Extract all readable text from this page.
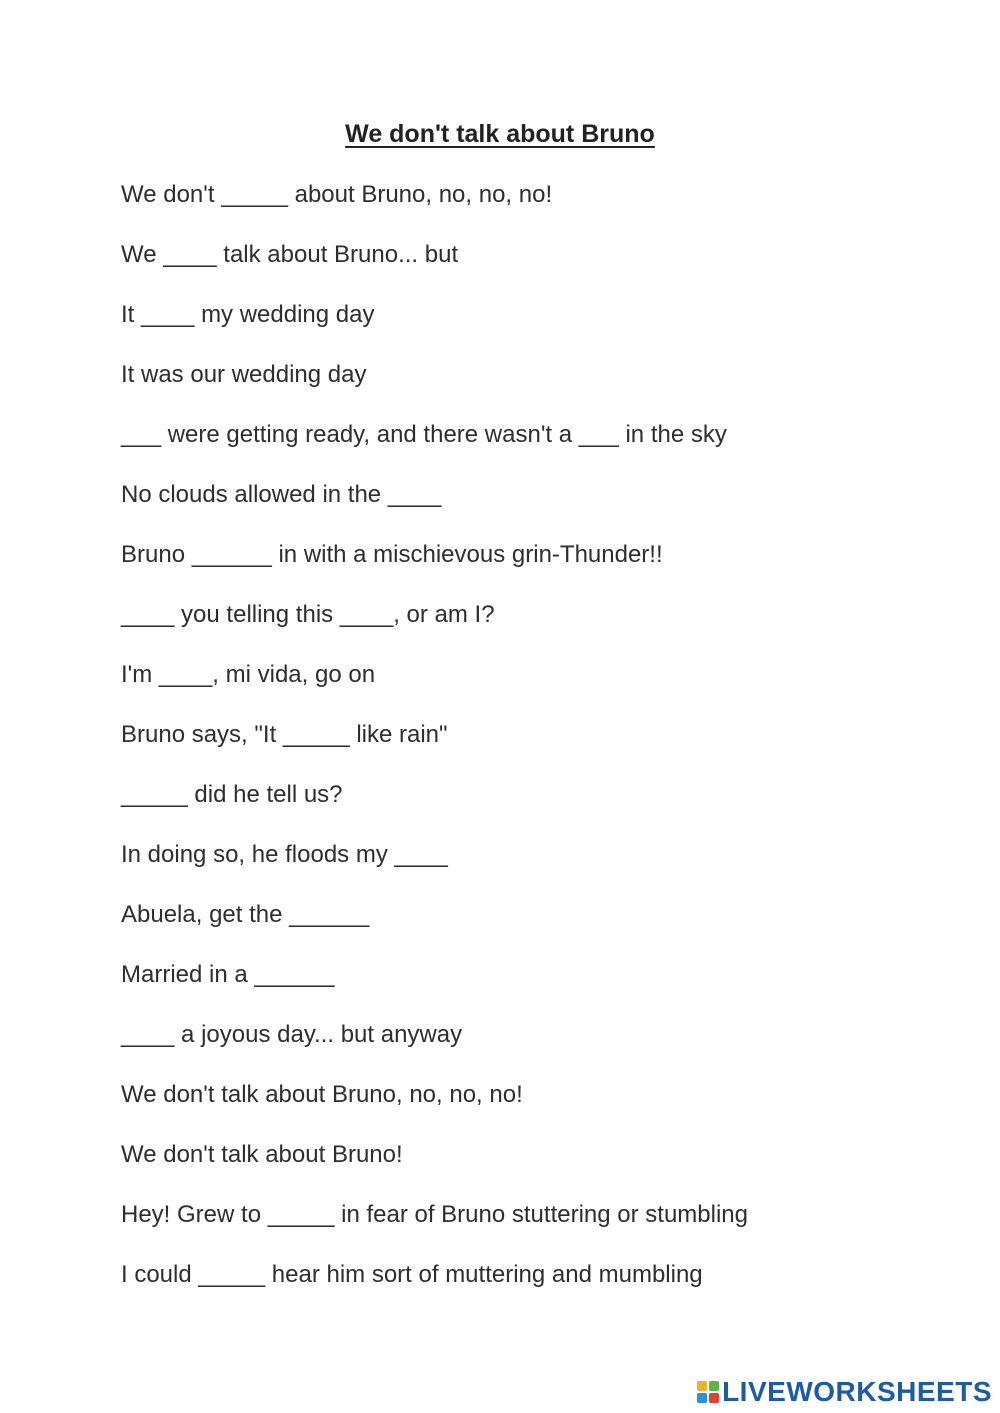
We don't talk about Bruno
We don't _____ about Bruno, no, no, no!
We ____ talk about Bruno... but
It ____ my wedding day
It was our wedding day
___ were getting ready, and there wasn't a ___ in the sky
No clouds allowed in the ____
Bruno ______ in with a mischievous grin-Thunder!!
____ you telling this ____, or am I?
I'm ____, mi vida, go on
Bruno says, "It _____ like rain"
_____ did he tell us?
In doing so, he floods my ____
Abuela, get the ______
Married in a ______
____ a joyous day... but anyway
We don't talk about Bruno, no, no, no!
We don't talk about Bruno!
Hey! Grew to _____ in fear of Bruno stuttering or stumbling
I could _____ hear him sort of muttering and mumbling
LIVEWORKSHEETS
